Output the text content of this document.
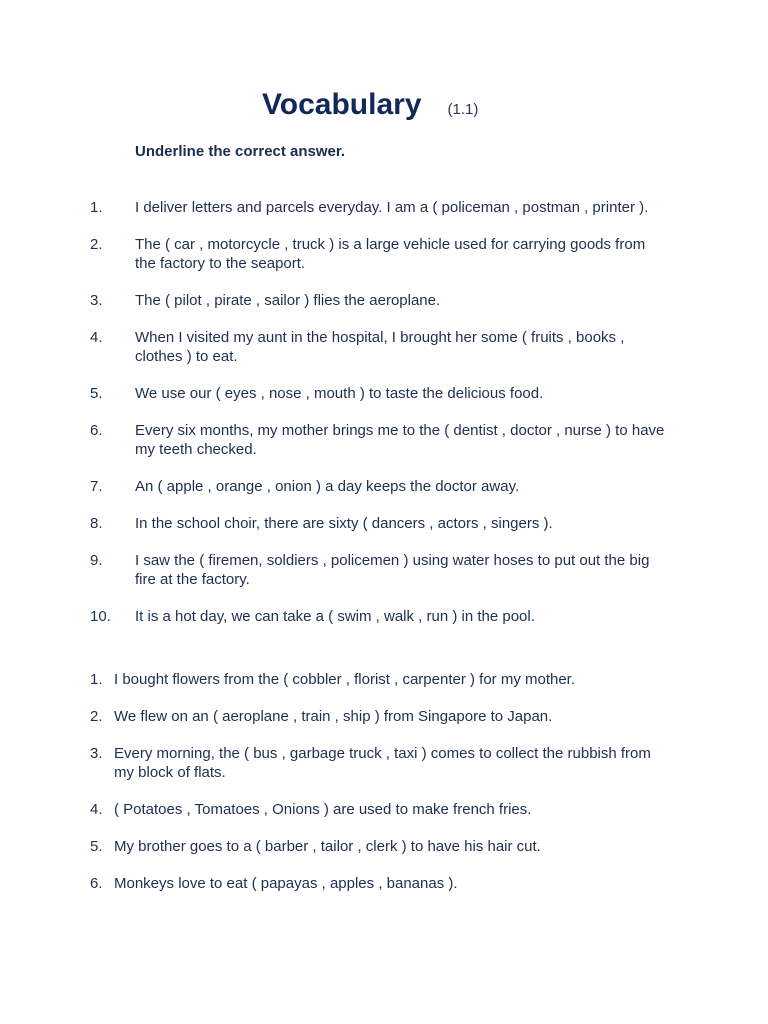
Vocabulary (1.1)
Underline the correct answer.
1.	I deliver letters and parcels everyday. I am a ( policeman , postman , printer ).
2.	The ( car , motorcycle , truck ) is a large vehicle used for carrying goods from the factory to the seaport.
3.	The ( pilot , pirate , sailor ) flies the aeroplane.
4.	When I visited my aunt in the hospital, I brought her some ( fruits , books , clothes ) to eat.
5.	We use our ( eyes , nose , mouth ) to taste the delicious food.
6.	Every six months, my mother brings me to the ( dentist , doctor , nurse ) to have my teeth checked.
7.	An ( apple , orange , onion ) a day keeps the doctor away.
8.	In the school choir, there are sixty ( dancers , actors , singers ).
9.	I saw the ( firemen, soldiers , policemen ) using water hoses to put out the big fire at the factory.
10.	It is a hot day, we can take a ( swim , walk , run ) in the pool.
1. I bought flowers from the ( cobbler , florist , carpenter ) for my mother.
2. We flew on an ( aeroplane , train , ship ) from Singapore to Japan.
3. Every morning, the ( bus , garbage truck , taxi ) comes to collect the rubbish from my block of flats.
4. ( Potatoes , Tomatoes , Onions ) are used to make french fries.
5. My brother goes to a ( barber , tailor , clerk ) to have his hair cut.
6. Monkeys love to eat ( papayas , apples , bananas ).
